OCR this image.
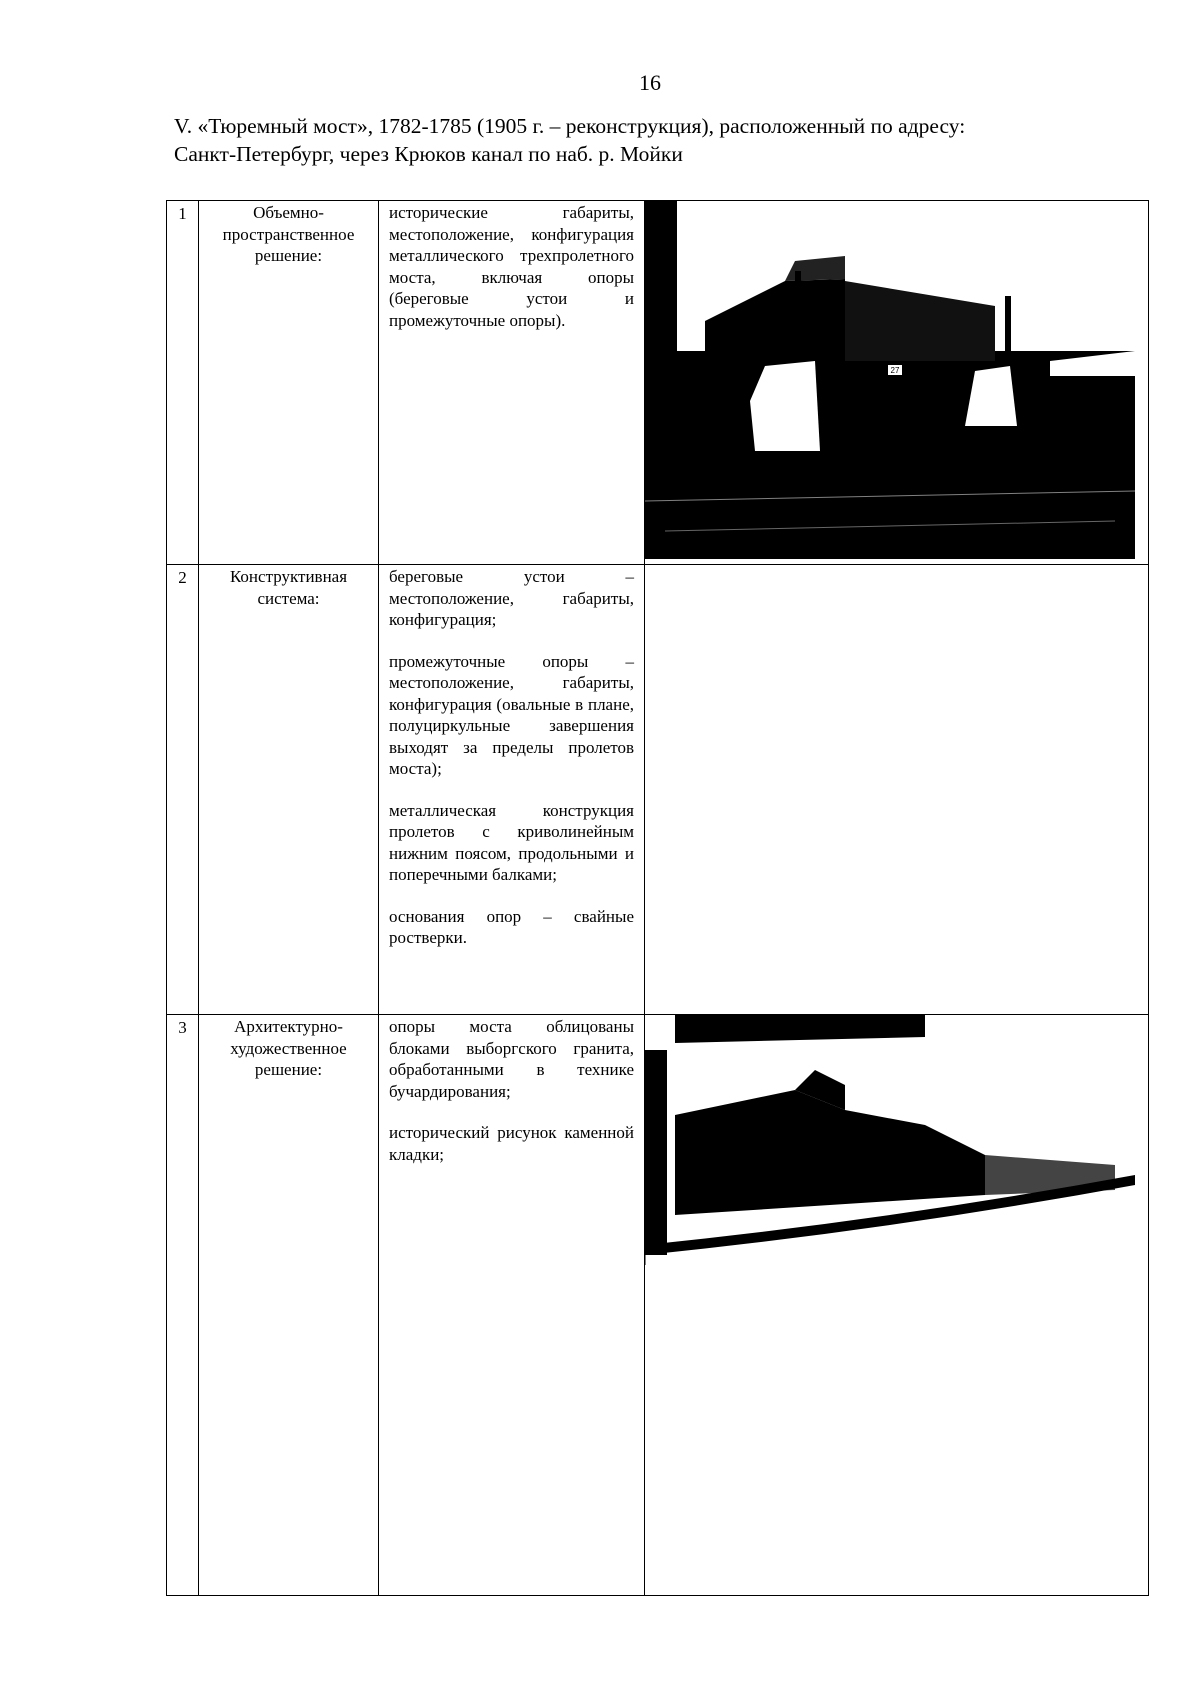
16
V. «Тюремный мост», 1782-1785 (1905 г. – реконструкция), расположенный по адресу:
Санкт-Петербург, через Крюков канал по наб. р. Мойки
1	Объемно-пространственное решение:	исторические габариты, местоположение, конфигурация металлического трехпролетного моста, включая опоры (береговые устои и промежуточные опоры).	27

2	Конструктивная система:	береговые устои – местоположение, габариты, конфигурация;

промежуточные опоры – местоположение, габариты, конфигурация (овальные в плане, полуциркульные завершения выходят за пределы пролетов моста);

металлическая конструкция пролетов с криволинейным нижним поясом, продольными и поперечными балками;

основания опор – свайные ростверки.	

3	Архитектурно-художественное решение:	опоры моста облицованы блоками выборгского гранита, обработанными в технике бучардирования;

исторический рисунок каменной кладки;
